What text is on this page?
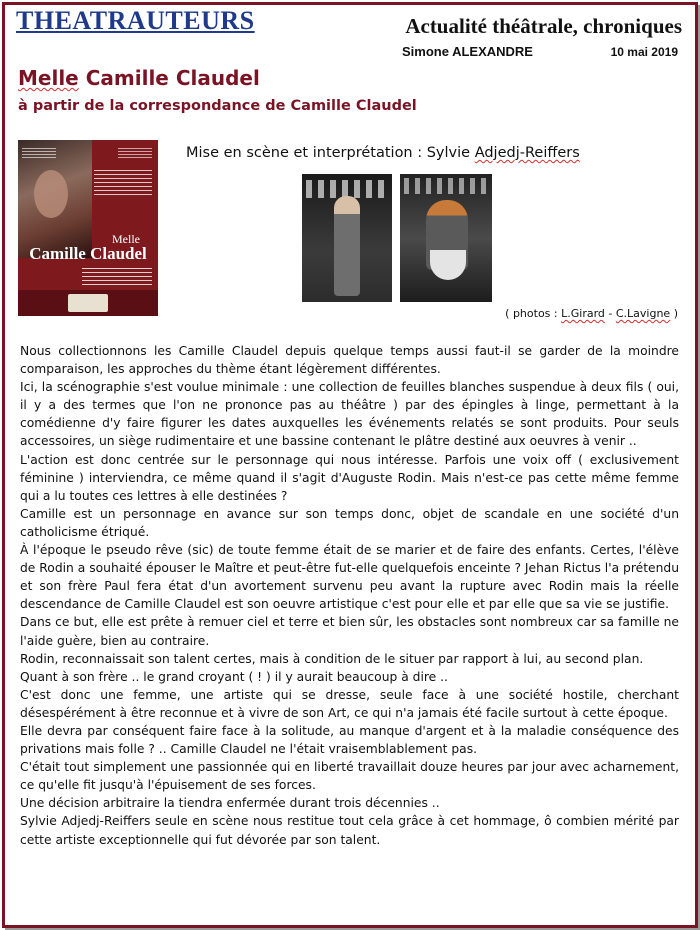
THEATRAUTEURS	Actualité théâtrale, chroniques
Simone ALEXANDRE	10 mai 2019
Melle Camille Claudel
à partir de la correspondance de Camille Claudel
Melle
Camille Claudel
Mise en scène et interprétation : Sylvie Adjedj-Reiffers
( photos : L.Girard - C.Lavigne )

Nous collectionnons les Camille Claudel depuis quelque temps aussi faut-il se garder de la moindre comparaison, les approches du thème étant légèrement différentes.

Ici, la scénographie s'est voulue minimale : une collection de feuilles blanches suspendue à deux fils ( oui, il y a des termes que l'on ne prononce pas au théâtre ) par des épingles à linge, permettant à la comédienne d'y faire figurer les dates auxquelles les événements relatés se sont produits. Pour seuls accessoires, un siège rudimentaire et une bassine contenant le plâtre destiné aux oeuvres à venir ..

L'action est donc centrée sur le personnage qui nous intéresse. Parfois une voix off ( exclusivement féminine ) interviendra, ce même quand il s'agit d'Auguste Rodin. Mais n'est-ce pas cette même femme qui a lu toutes ces lettres à elle destinées ?

Camille est un personnage en avance sur son temps donc, objet de scandale en une société d'un catholicisme étriqué.

À l'époque le pseudo rêve (sic) de toute femme était de se marier et de faire des enfants. Certes, l'élève de Rodin a souhaité épouser le Maître et peut-être fut-elle quelquefois enceinte ? Jehan Rictus l'a prétendu et son frère Paul fera état d'un avortement survenu peu avant la rupture avec Rodin mais la réelle descendance de Camille Claudel est son oeuvre artistique c'est pour elle et par elle que sa vie se justifie.

Dans ce but, elle est prête à remuer ciel et terre et bien sûr, les obstacles sont nombreux car sa famille ne l'aide guère, bien au contraire.

Rodin, reconnaissait son talent certes, mais à condition de le situer par rapport à lui, au second plan.

Quant à son frère .. le grand croyant ( ! ) il y aurait beaucoup à dire ..

C'est donc une femme, une artiste qui se dresse, seule face à une société hostile, cherchant désespérément à être reconnue et à vivre de son Art, ce qui n'a jamais été facile surtout à cette époque.

Elle devra par conséquent faire face à la solitude, au manque d'argent et à la maladie conséquence des privations mais folle ? .. Camille Claudel ne l'était vraisemblablement pas.

C'était tout simplement une passionnée qui en liberté travaillait douze heures par jour avec acharnement, ce qu'elle fit jusqu'à l'épuisement de ses forces.

Une décision arbitraire la tiendra enfermée durant trois décennies ..

Sylvie Adjedj-Reiffers seule en scène nous restitue tout cela grâce à cet hommage, ô combien mérité par cette artiste exceptionnelle qui fut dévorée par son talent.
